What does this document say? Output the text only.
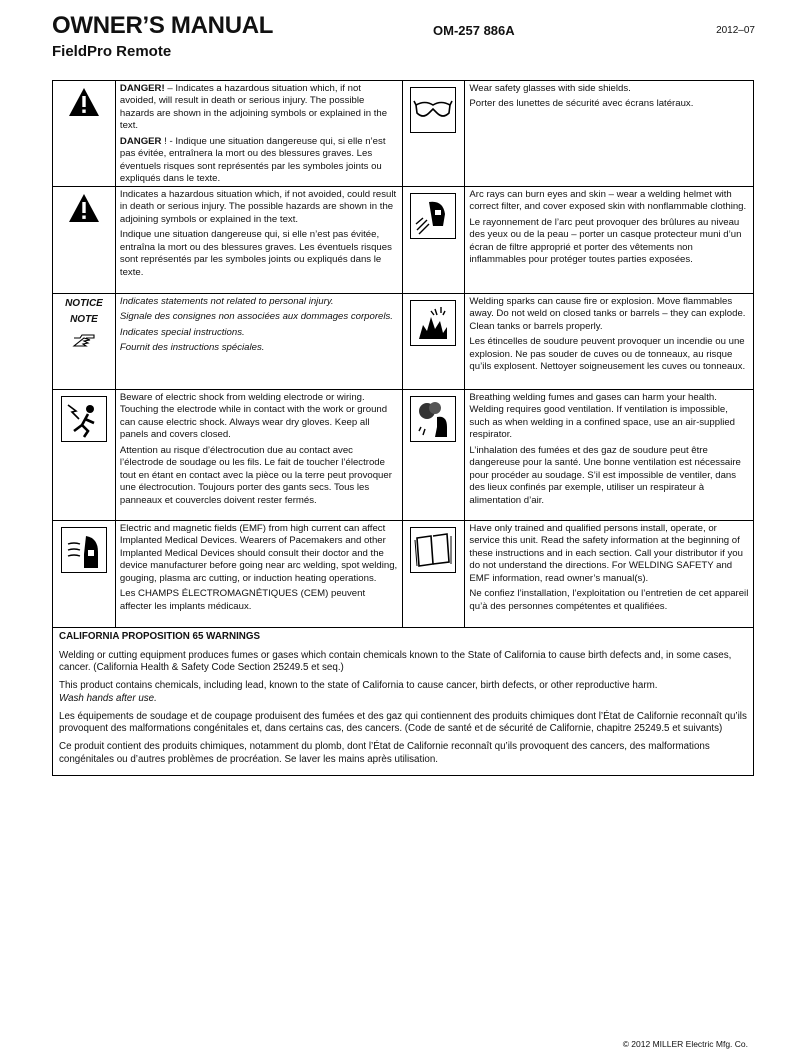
OWNER’S MANUAL
FieldPro Remote
OM-257 886A	2012–07

DANGER! – Indicates a hazardous situation which, if not avoided, will result in death or serious injury. The possible hazards are shown in the adjoining symbols or explained in the text.

DANGER ! - Indique une situation dangereuse qui, si elle n’est pas évitée, entraînera la mort ou des blessures graves. Les éventuels risques sont représentés par les symboles joints ou expliqués dans le texte.

Wear safety glasses with side shields.

Porter des lunettes de sécurité avec écrans latéraux.

Indicates a hazardous situation which, if not avoided, could result in death or serious injury. The possible hazards are shown in the adjoining symbols or explained in the text.

Indique une situation dangereuse qui, si elle n’est pas évitée, entraîna la mort ou des blessures graves. Les éventuels risques sont représentés par les symboles joints ou expliqués dans le texte.

Arc rays can burn eyes and skin – wear a welding helmet with correct filter, and cover exposed skin with nonflammable clothing.

Le rayonnement de l’arc peut provoquer des brûlures au niveau des yeux ou de la peau – porter un casque protecteur muni d’un écran de filtre approprié et porter des vêtements non inflammables pour protéger toutes parties exposées.

NOTICE
NOTE

Indicates statements not related to personal injury.

Signale des consignes non associées aux dommages corporels.

Indicates special instructions.

Fournit des instructions spéciales.

Welding sparks can cause fire or explosion. Move flammables away. Do not weld on closed tanks or barrels – they can explode. Clean tanks or barrels properly.

Les étincelles de soudure peuvent provoquer un incendie ou une explosion. Ne pas souder de cuves ou de tonneaux, au risque qu’ils explosent. Nettoyer soigneusement les cuves ou tonneaux.

Beware of electric shock from welding electrode or wiring. Touching the electrode while in contact with the work or ground can cause electric shock. Always wear dry gloves. Keep all panels and covers closed.

Attention au risque d’électrocution due au contact avec l’électrode de soudage ou les fils. Le fait de toucher l’électrode tout en étant en contact avec la pièce ou la terre peut provoquer une électrocution. Toujours porter des gants secs. Tous les panneaux et couvercles doivent rester fermés.

Breathing welding fumes and gases can harm your health. Welding requires good ventilation. If ventilation is impossible, such as when welding in a confined space, use an air-supplied respirator.

L’inhalation des fumées et des gaz de soudure peut être dangereuse pour la santé. Une bonne ventilation est nécessaire pour procéder au soudage. S’il est impossible de ventiler, dans des lieux confinés par exemple, utiliser un respirateur à alimentation d’air.

Electric and magnetic fields (EMF) from high current can affect Implanted Medical Devices. Wearers of Pacemakers and other Implanted Medical Devices should consult their doctor and the device manufacturer before going near arc welding, spot welding, gouging, plasma arc cutting, or induction heating operations.

Les CHAMPS ÉLECTROMAGNÉTIQUES (CEM) peuvent affecter les implants médicaux.

Have only trained and qualified persons install, operate, or service this unit. Read the safety information at the beginning of these instructions and in each section. Call your distributor if you do not understand the directions. For WELDING SAFETY and EMF information, read owner’s manual(s).

Ne confiez l’installation, l’exploitation ou l’entretien de cet appareil qu’à des personnes compétentes et qualifiées.

CALIFORNIA PROPOSITION 65 WARNINGS

Welding or cutting equipment produces fumes or gases which contain chemicals known to the State of California to cause birth defects and, in some cases, cancer. (California Health & Safety Code Section 25249.5 et seq.)

This product contains chemicals, including lead, known to the state of California to cause cancer, birth defects, or other reproductive harm.
Wash hands after use.

Les équipements de soudage et de coupage produisent des fumées et des gaz qui contiennent des produits chimiques dont l’État de Californie reconnaît qu’ils provoquent des malformations congénitales et, dans certains cas, des cancers. (Code de santé et de sécurité de Californie, chapitre 25249.5 et suivants)

Ce produit contient des produits chimiques, notamment du plomb, dont l’État de Californie reconnaît qu’ils provoquent des cancers, des malformations congénitales ou d’autres problèmes de procréation. Se laver les mains après utilisation.

© 2012 MILLER Electric Mfg. Co.
